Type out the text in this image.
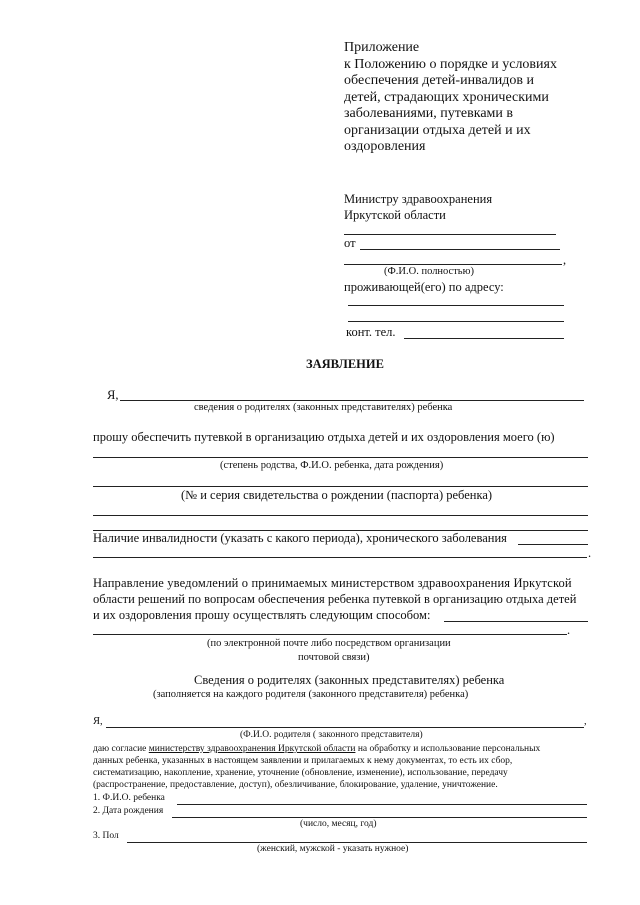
Приложение
к Положению о порядке и условиях
обеспечения детей-инвалидов и
детей, страдающих хроническими
заболеваниями, путевками в
организации отдыха детей и их
оздоровления
Министру здравоохранения
Иркутской области
от
,
(Ф.И.О. полностью)
проживающей(его) по адресу:
конт. тел.
ЗАЯВЛЕНИЕ
Я,
сведения о родителях (законных представителях) ребенка
прошу обеспечить путевкой в организацию отдыха детей и их оздоровления моего (ю)
(степень родства, Ф.И.О. ребенка, дата рождения)
(№ и серия свидетельства о рождении (паспорта) ребенка)
Наличие инвалидности (указать с какого периода), хронического заболевания
.
Направление уведомлений о принимаемых министерством здравоохранения Иркутской
области решений по вопросам обеспечения ребенка путевкой в организацию отдыха детей
и их оздоровления прошу осуществлять следующим способом:
.
(по электронной почте либо посредством организации
почтовой связи)
Сведения о родителях (законных представителях) ребенка
(заполняется на каждого родителя (законного представителя) ребенка)
Я,	,
(Ф.И.О. родителя ( законного представителя)
даю согласие министерству здравоохранения Иркутской области на обработку и использование персональных
данных ребенка, указанных в настоящем заявлении и прилагаемых к нему документах, то есть их сбор,
систематизацию, накопление, хранение, уточнение (обновление, изменение), использование, передачу
(распространение, предоставление, доступ), обезличивание, блокирование, удаление, уничтожение.
1. Ф.И.О. ребенка
2. Дата рождения
(число, месяц, год)
3. Пол
(женский, мужской - указать нужное)
